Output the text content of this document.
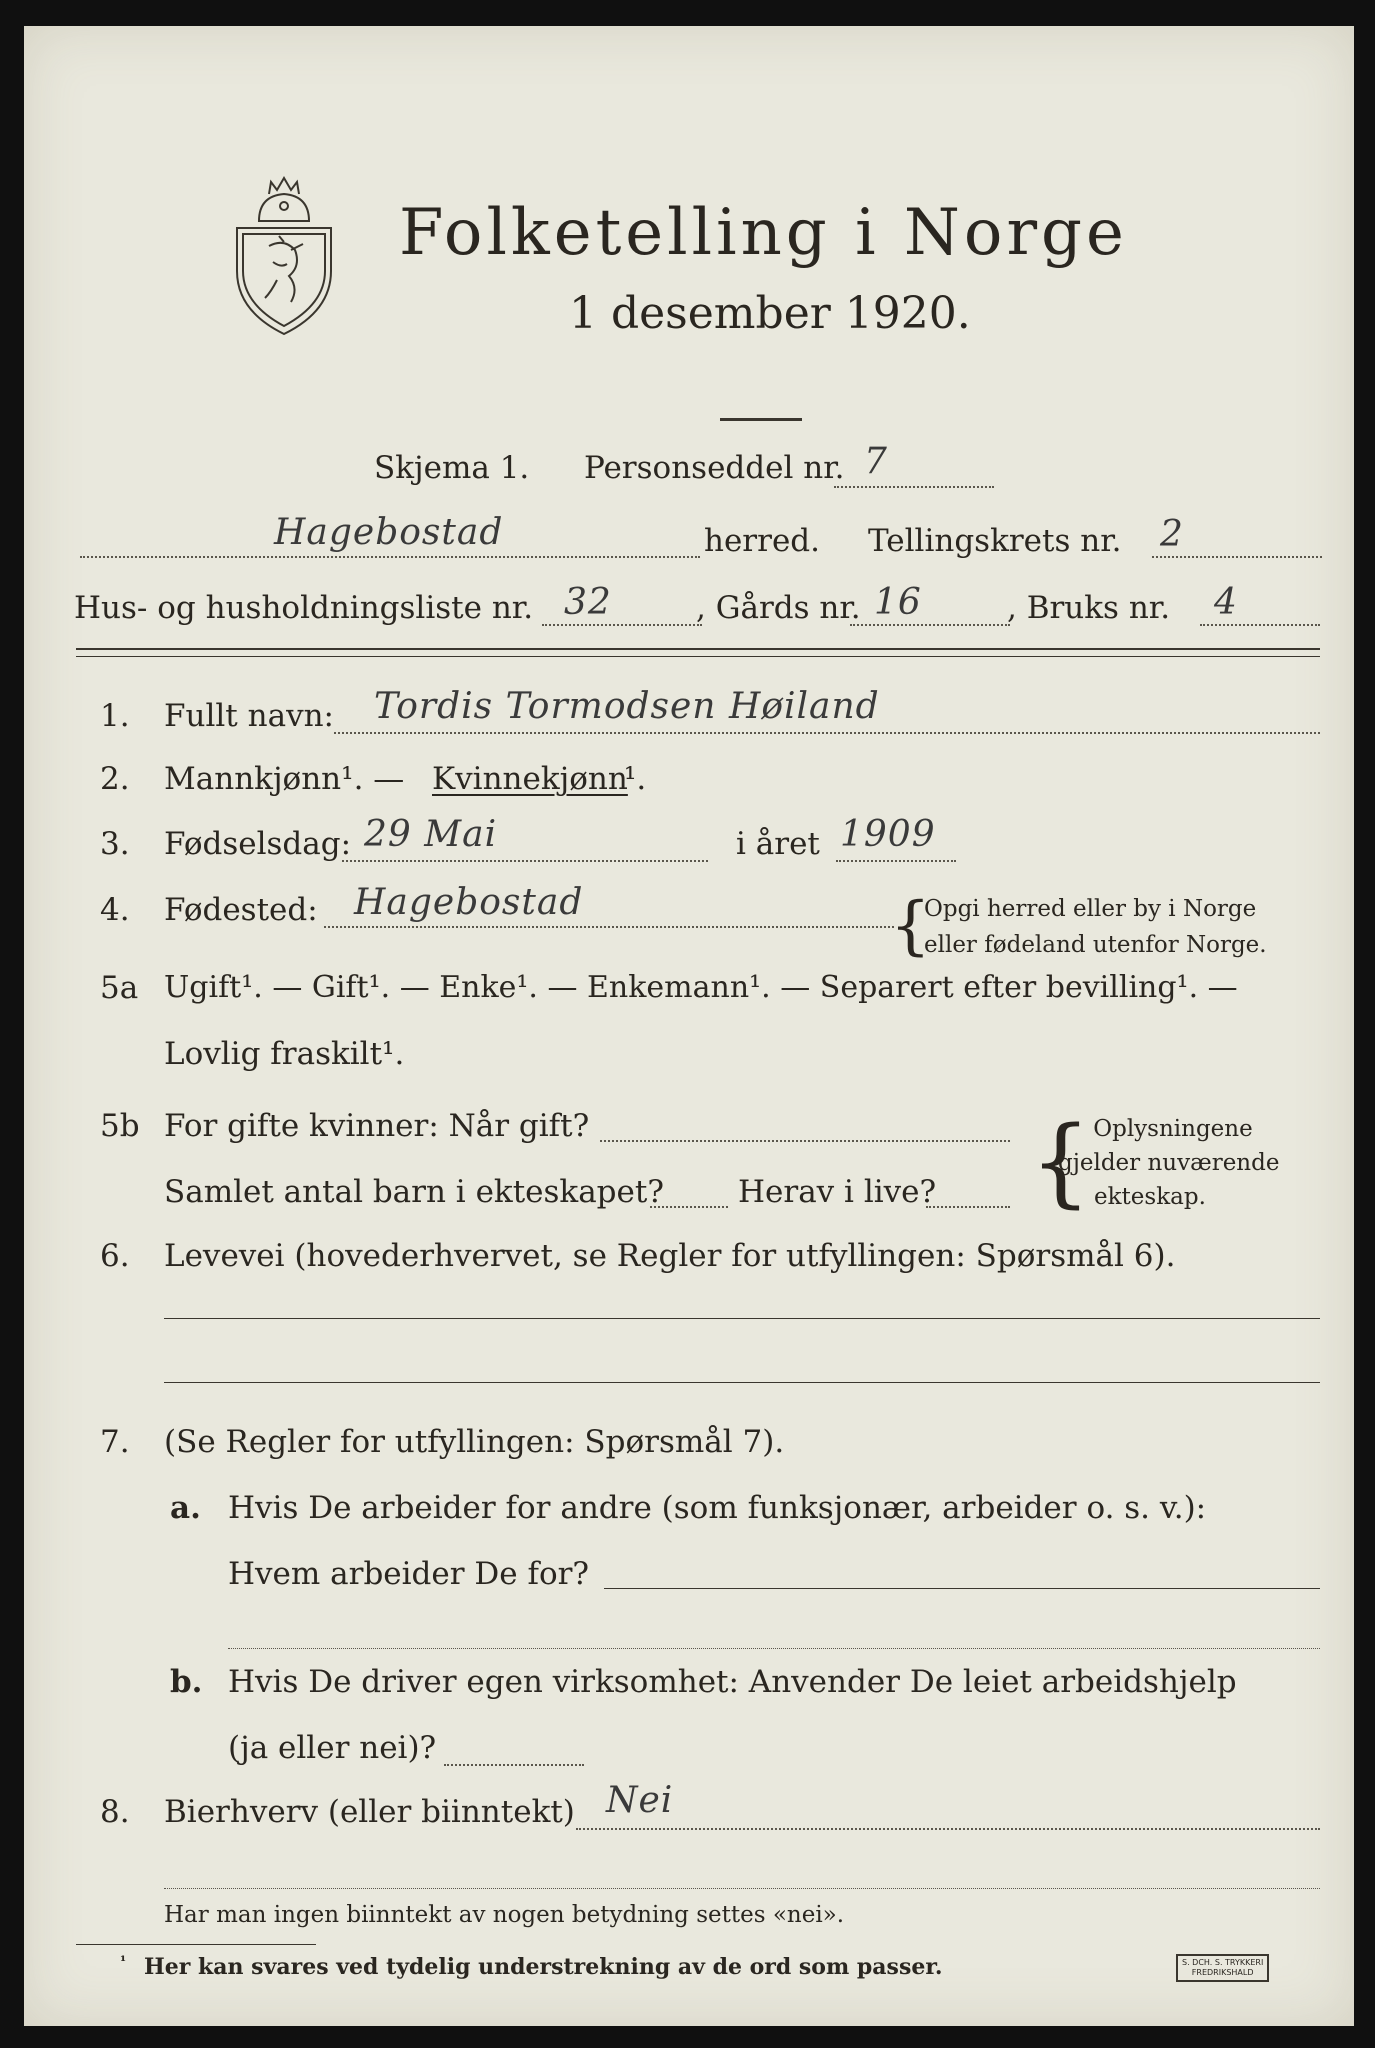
Folketelling i Norge
1 desember 1920.
Skjema 1. Personseddel nr. 7
Hagebostad	herred. Tellingskrets nr. 2
Hus- og husholdningsliste nr. 32	, Gårds nr. 16	, Bruks nr. 4
1. Fullt navn: Tordis Tormodsen Høiland
2. Mannkjønn¹. — Kvinnekjønn
¹.
3. Fødselsdag: 29 Mai	i året 1909
4. Fødested: Hagebostad	{
Opgi herred eller by i Norge
eller fødeland utenfor Norge.
5a Ugift¹. — Gift¹. — Enke¹. — Enkemann¹. — Separert efter bevilling¹. —
Lovlig fraskilt¹.
5b For gifte kvinner: Når gift?
Samlet antal barn i ekteskapet? Herav i live? { Oplysningene
gjelder nuværende
ekteskap.
6. Levevei (hovederhvervet, se Regler for utfyllingen: Spørsmål 6).
7. (Se Regler for utfyllingen: Spørsmål 7).
a. Hvis De arbeider for andre (som funksjonær, arbeider o. s. v.):
Hvem arbeider De for?
b. Hvis De driver egen virksomhet: Anvender De leiet arbeidshjelp
(ja eller nei)?
8. Bierhverv (eller biinntekt) Nei
Har man ingen biinntekt av nogen betydning settes «nei».
¹ Her kan svares ved tydelig understrekning av de ord som passer.	S. DCH. S. TRYKKERI
FREDRIKSHALD
